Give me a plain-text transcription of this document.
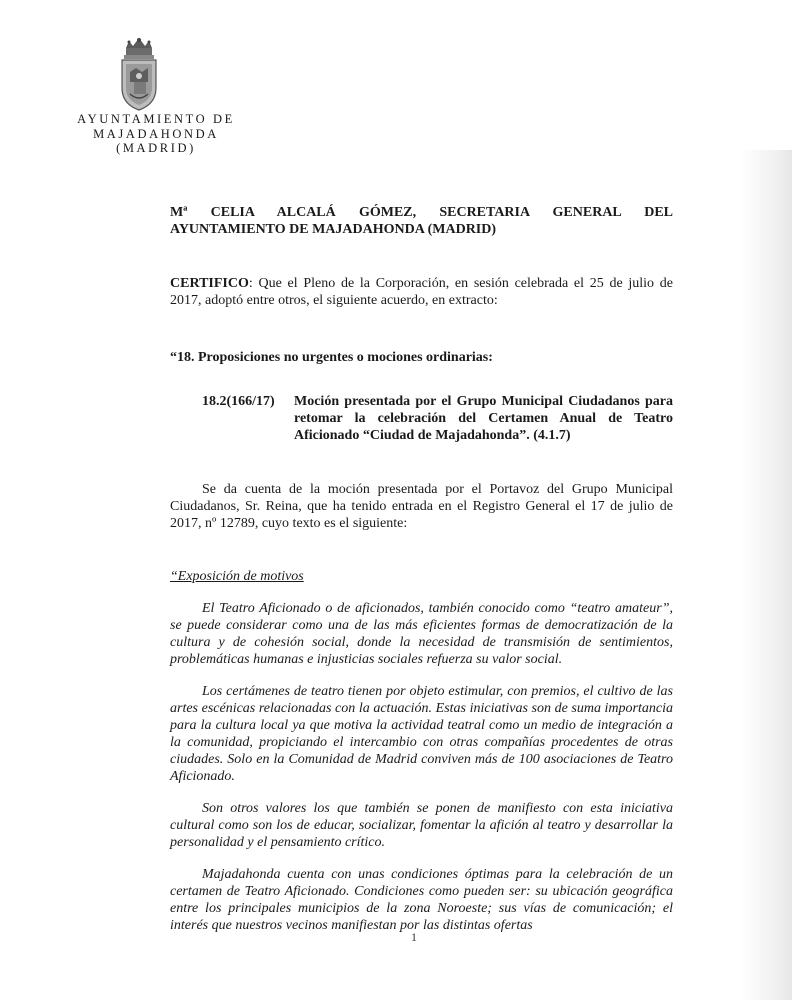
AYUNTAMIENTO DE
MAJADAHONDA
(MADRID)
Mª CELIA ALCALÁ GÓMEZ, SECRETARIA GENERAL DEL
AYUNTAMIENTO DE MAJADAHONDA (MADRID)
CERTIFICO: Que el Pleno de la Corporación, en sesión celebrada el 25 de julio de 2017, adoptó entre otros, el siguiente acuerdo, en extracto:
“18. Proposiciones no urgentes o mociones ordinarias:
18.2(166/17)	Moción presentada por el Grupo Municipal Ciudadanos para retomar la celebración del Certamen Anual de Teatro Aficionado “Ciudad de Majadahonda”. (4.1.7)
Se da cuenta de la moción presentada por el Portavoz del Grupo Municipal Ciudadanos, Sr. Reina, que ha tenido entrada en el Registro General el 17 de julio de 2017, nº 12789, cuyo texto es el siguiente:
“Exposición de motivos
El Teatro Aficionado o de aficionados, también conocido como “teatro amateur”, se puede considerar como una de las más eficientes formas de democratización de la cultura y de cohesión social, donde la necesidad de transmisión de sentimientos, problemáticas humanas e injusticias sociales refuerza su valor social.
Los certámenes de teatro tienen por objeto estimular, con premios, el cultivo de las artes escénicas relacionadas con la actuación. Estas iniciativas son de suma importancia para la cultura local ya que motiva la actividad teatral como un medio de integración a la comunidad, propiciando el intercambio con otras compañías procedentes de otras ciudades. Solo en la Comunidad de Madrid conviven más de 100 asociaciones de Teatro Aficionado.
Son otros valores los que también se ponen de manifiesto con esta iniciativa cultural como son los de educar, socializar, fomentar la afición al teatro y desarrollar la personalidad y el pensamiento crítico.
Majadahonda cuenta con unas condiciones óptimas para la celebración de un certamen de Teatro Aficionado. Condiciones como pueden ser: su ubicación geográfica entre los principales municipios de la zona Noroeste; sus vías de comunicación; el interés que nuestros vecinos manifiestan por las distintas ofertas
1
